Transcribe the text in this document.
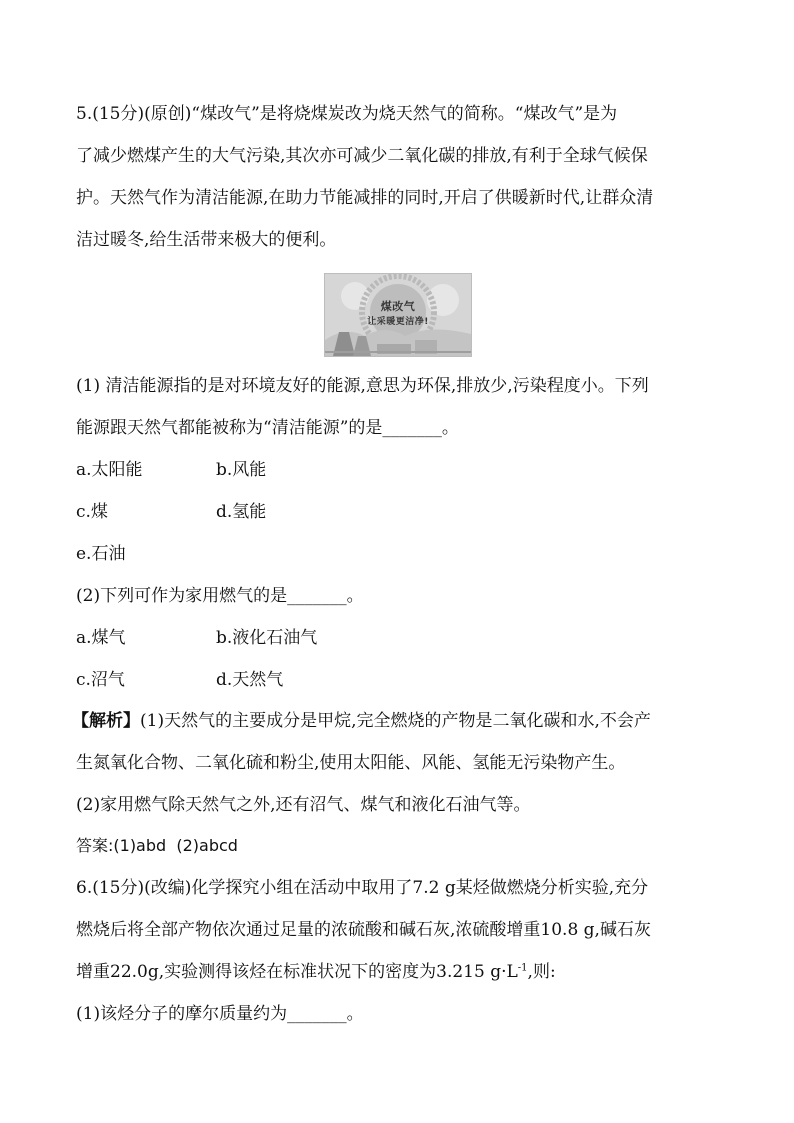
5.(15分)(原创)“煤改气”是将烧煤炭改为烧天然气的简称。“煤改气”是为
了减少燃煤产生的大气污染,其次亦可减少二氧化碳的排放,有利于全球气候保
护。天然气作为清洁能源,在助力节能减排的同时,开启了供暖新时代,让群众清
洁过暖冬,给生活带来极大的便利。
煤改气
让采暖更洁净!
(1) 清洁能源指的是对环境友好的能源,意思为环保,排放少,污染程度小。下列
能源跟天然气都能被称为“清洁能源”的是_______。
a.太阳能	b.风能
c.煤	d.氢能
e.石油
(2)下列可作为家用燃气的是_______。
a.煤气	b.液化石油气
c.沼气	d.天然气
【解析】(1)天然气的主要成分是甲烷,完全燃烧的产物是二氧化碳和水,不会产
生氮氧化合物、二氧化硫和粉尘,使用太阳能、风能、氢能无污染物产生。
(2)家用燃气除天然气之外,还有沼气、煤气和液化石油气等。
答案:(1)abd  (2)abcd
6.(15分)(改编)化学探究小组在活动中取用了7.2 g某烃做燃烧分析实验,充分
燃烧后将全部产物依次通过足量的浓硫酸和碱石灰,浓硫酸增重10.8 g,碱石灰
增重22.0g,实验测得该烃在标准状况下的密度为3.215 $g\cdot L^{-1}$,则:
(1)该烃分子的摩尔质量约为_______。
